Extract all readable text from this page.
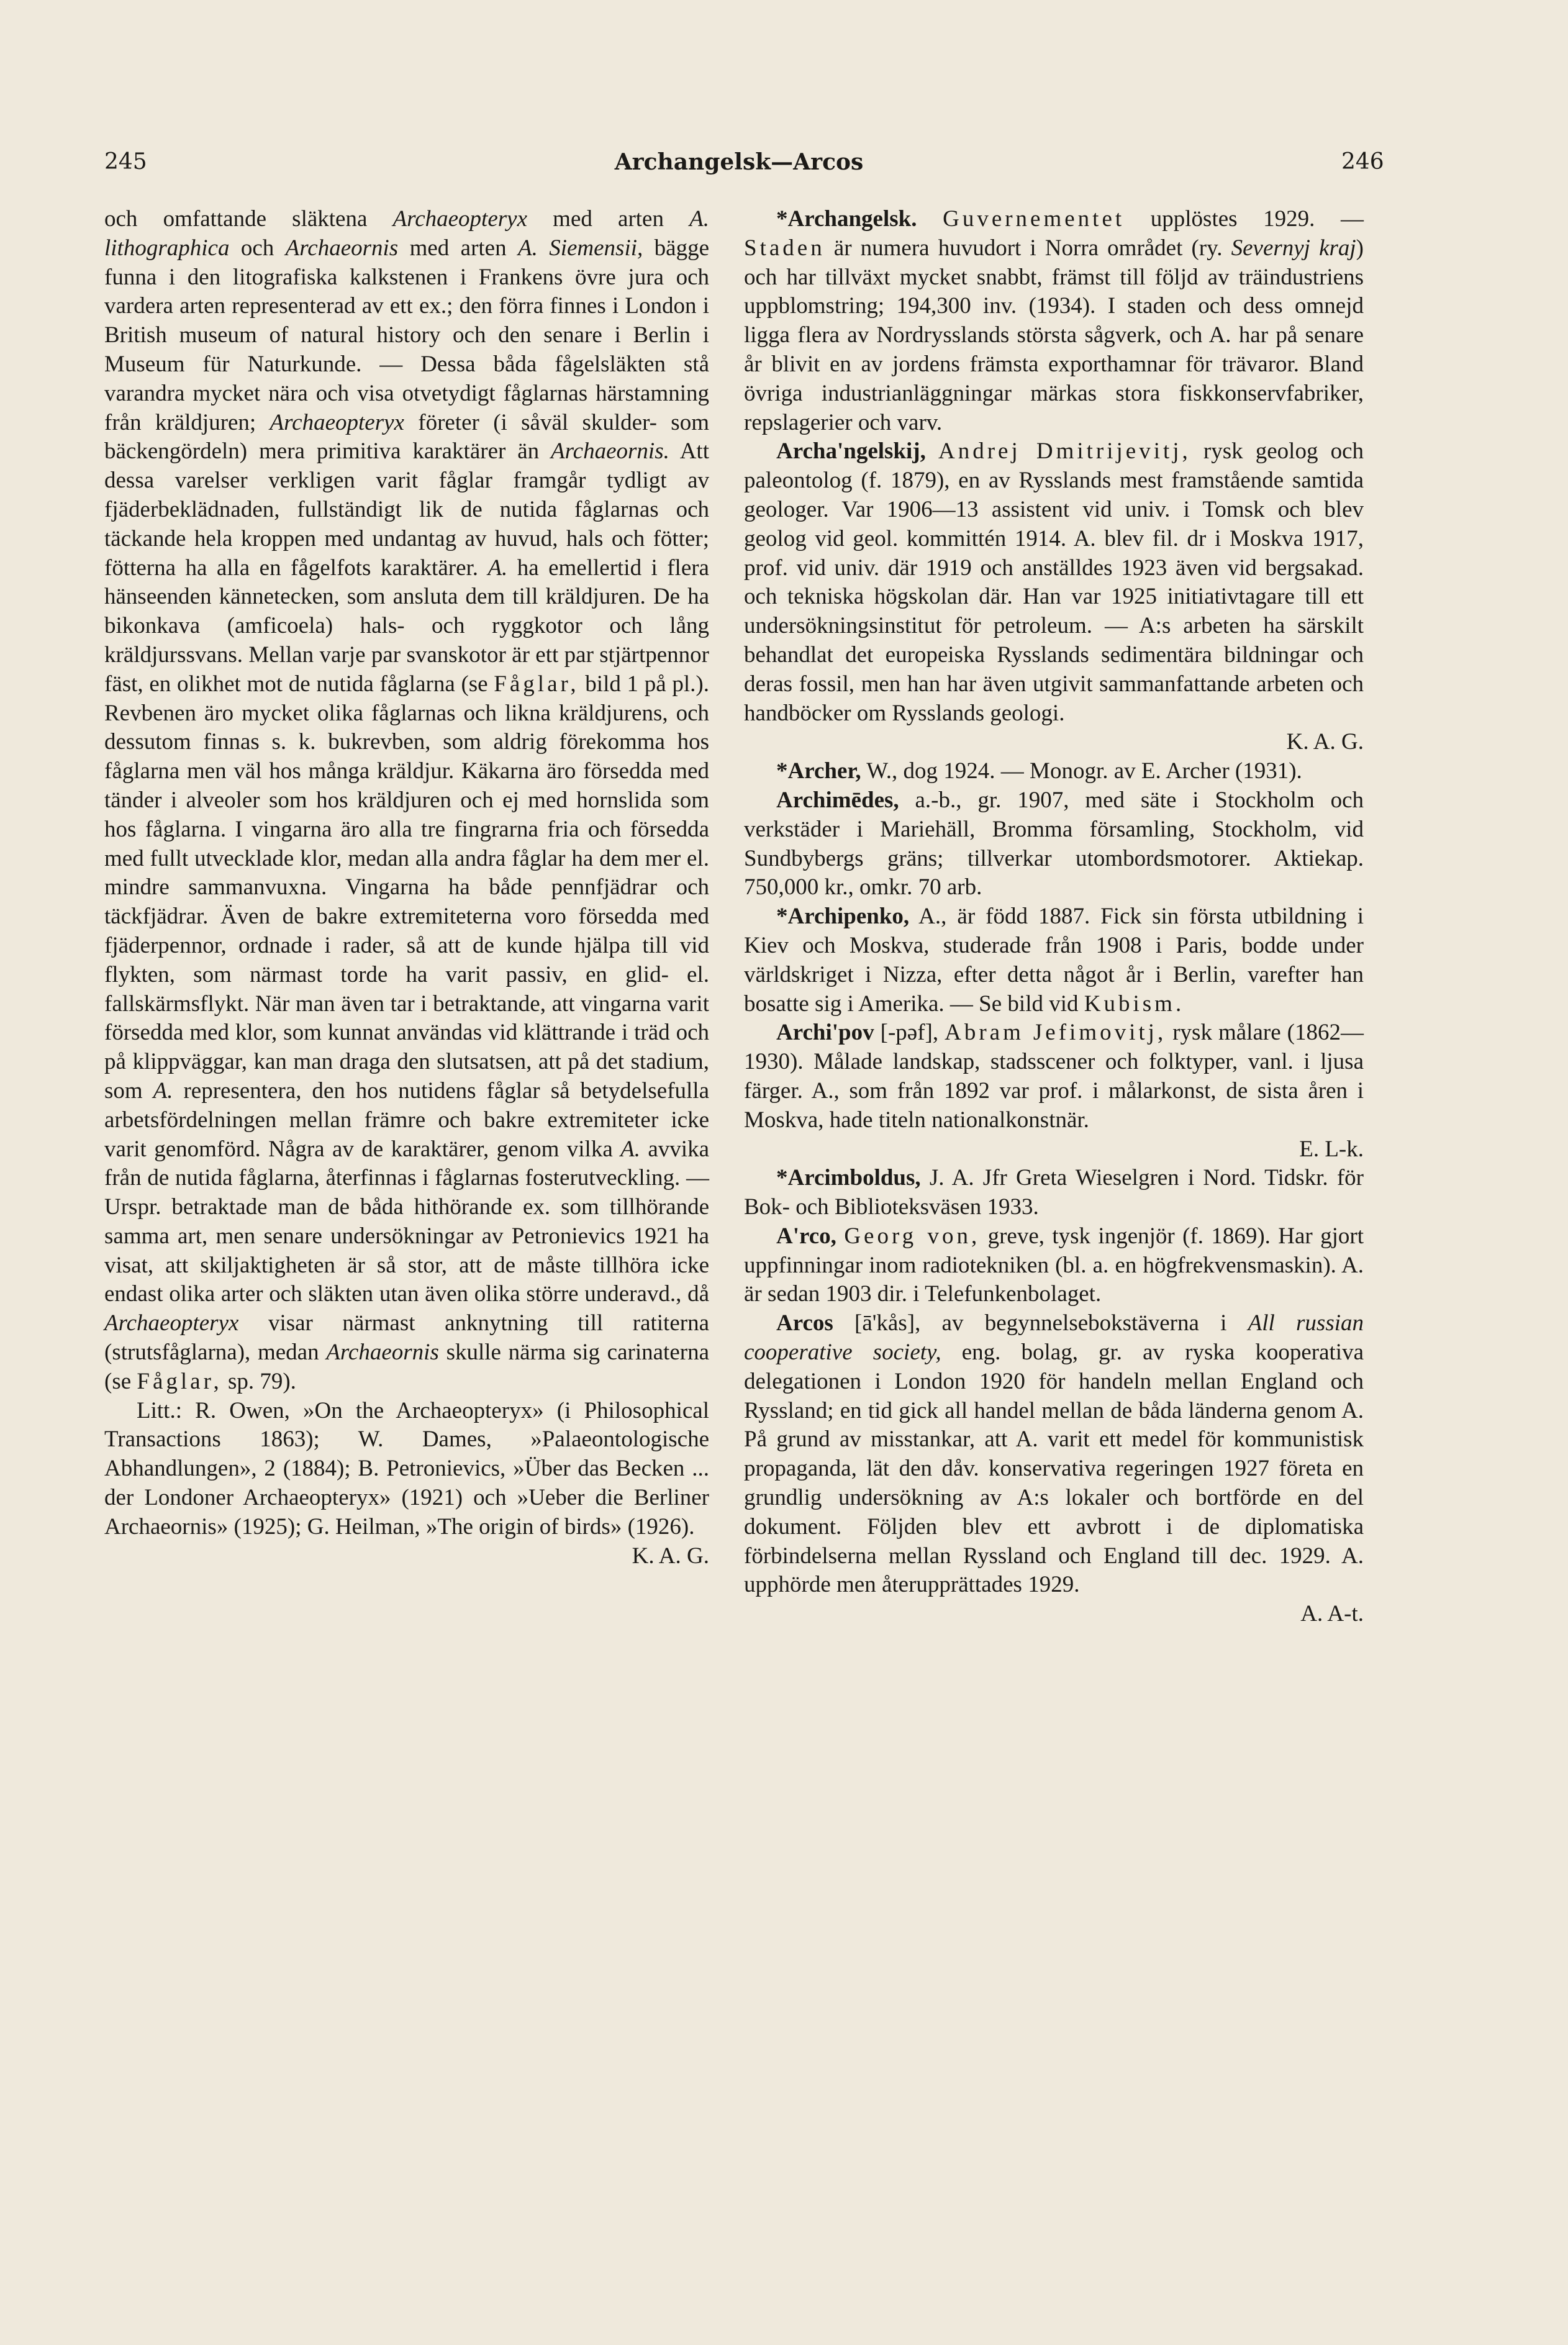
245	Archangelsk—Arcos	246

och omfattande släktena Archaeopteryx med arten A. lithographica och Archaeornis med arten A. Siemensii, bägge funna i den litografiska kalkstenen i Frankens övre jura och vardera arten representerad av ett ex.; den förra finnes i London i British museum of natural history och den senare i Berlin i Museum für Naturkunde. — Dessa båda fågelsläkten stå varandra mycket nära och visa otvetydigt fåglarnas härstamning från kräldjuren; Archaeopteryx företer (i såväl skulder- som bäckengördeln) mera primitiva karaktärer än Archaeornis. Att dessa varelser verkligen varit fåglar framgår tydligt av fjäderbeklädnaden, fullständigt lik de nutida fåglarnas och täckande hela kroppen med undantag av huvud, hals och fötter; fötterna ha alla en fågelfots karaktärer. A. ha emellertid i flera hänseenden kännetecken, som ansluta dem till kräldjuren. De ha bikonkava (amficoela) hals- och ryggkotor och lång kräldjurssvans. Mellan varje par svanskotor är ett par stjärtpennor fäst, en olikhet mot de nutida fåglarna (se Fåglar, bild 1 på pl.). Revbenen äro mycket olika fåglarnas och likna kräldjurens, och dessutom finnas s. k. bukrevben, som aldrig förekomma hos fåglarna men väl hos många kräldjur. Käkarna äro försedda med tänder i alveoler som hos kräldjuren och ej med hornslida som hos fåglarna. I vingarna äro alla tre fingrarna fria och försedda med fullt utvecklade klor, medan alla andra fåglar ha dem mer el. mindre sammanvuxna. Vingarna ha både pennfjädrar och täckfjädrar. Även de bakre extremiteterna voro försedda med fjäderpennor, ordnade i rader, så att de kunde hjälpa till vid flykten, som närmast torde ha varit passiv, en glid- el. fallskärmsflykt. När man även tar i betraktande, att vingarna varit försedda med klor, som kunnat användas vid klättrande i träd och på klippväggar, kan man draga den slutsatsen, att på det stadium, som A. representera, den hos nutidens fåglar så betydelsefulla arbetsfördelningen mellan främre och bakre extremiteter icke varit genomförd. Några av de karaktärer, genom vilka A. avvika från de nutida fåglarna, återfinnas i fåglarnas fosterutveckling. — Urspr. betraktade man de båda hithörande ex. som tillhörande samma art, men senare undersökningar av Petronievics 1921 ha visat, att skiljaktigheten är så stor, att de måste tillhöra icke endast olika arter och släkten utan även olika större underavd., då Archaeopteryx visar närmast anknytning till ratiterna (strutsfåglarna), medan Archaeornis skulle närma sig carinaterna (se Fåglar, sp. 79).

Litt.: R. Owen, »On the Archaeopteryx» (i Philosophical Transactions 1863); W. Dames, »Palaeontologische Abhandlungen», 2 (1884); B. Petronievics, »Über das Becken ... der Londoner Archaeopteryx» (1921) och »Ueber die Berliner Archaeornis» (1925); G. Heilman, »The origin of birds» (1926).
K. A. G.

*Archangelsk. Guvernementet upplöstes 1929. — Staden är numera huvudort i Norra området (ry. Severnyj kraj) och har tillväxt mycket snabbt, främst till följd av träindustriens uppblomstring; 194,300 inv. (1934). I staden och dess omnejd ligga flera av Nordrysslands största sågverk, och A. har på senare år blivit en av jordens främsta exporthamnar för trävaror. Bland övriga industrianläggningar märkas stora fiskkonservfabriker, repslagerier och varv.

Archa'ngelskij, Andrej Dmitrijevitj, rysk geolog och paleontolog (f. 1879), en av Rysslands mest framstående samtida geologer. Var 1906—13 assistent vid univ. i Tomsk och blev geolog vid geol. kommittén 1914. A. blev fil. dr i Moskva 1917, prof. vid univ. där 1919 och anställdes 1923 även vid bergsakad. och tekniska högskolan där. Han var 1925 initiativtagare till ett undersökningsinstitut för petroleum. — A:s arbeten ha särskilt behandlat det europeiska Rysslands sedimentära bildningar och deras fossil, men han har även utgivit sammanfattande arbeten och handböcker om Rysslands geologi.
K. A. G.

*Archer, W., dog 1924. — Monogr. av E. Archer (1931).

Archimēdes, a.-b., gr. 1907, med säte i Stockholm och verkstäder i Mariehäll, Bromma församling, Stockholm, vid Sundbybergs gräns; tillverkar utombordsmotorer. Aktiekap. 750,000 kr., omkr. 70 arb.

*Archipenko, A., är född 1887. Fick sin första utbildning i Kiev och Moskva, studerade från 1908 i Paris, bodde under världskriget i Nizza, efter detta något år i Berlin, varefter han bosatte sig i Amerika. — Se bild vid Kubism.

Archi'pov [-pəf], Abram Jefimovitj, rysk målare (1862—1930). Målade landskap, stadsscener och folktyper, vanl. i ljusa färger. A., som från 1892 var prof. i målarkonst, de sista åren i Moskva, hade titeln nationalkonstnär.
E. L-k.

*Arcimboldus, J. A. Jfr Greta Wieselgren i Nord. Tidskr. för Bok- och Biblioteksväsen 1933.

A'rco, Georg von, greve, tysk ingenjör (f. 1869). Har gjort uppfinningar inom radiotekniken (bl. a. en högfrekvensmaskin). A. är sedan 1903 dir. i Telefunkenbolaget.

Arcos [ā'kås], av begynnelsebokstäverna i All russian cooperative society, eng. bolag, gr. av ryska kooperativa delegationen i London 1920 för handeln mellan England och Ryssland; en tid gick all handel mellan de båda länderna genom A. På grund av misstankar, att A. varit ett medel för kommunistisk propaganda, lät den dåv. konservativa regeringen 1927 företa en grundlig undersökning av A:s lokaler och bortförde en del dokument. Följden blev ett avbrott i de diplomatiska förbindelserna mellan Ryssland och England till dec. 1929. A. upphörde men återupprättades 1929.
A. A-t.
